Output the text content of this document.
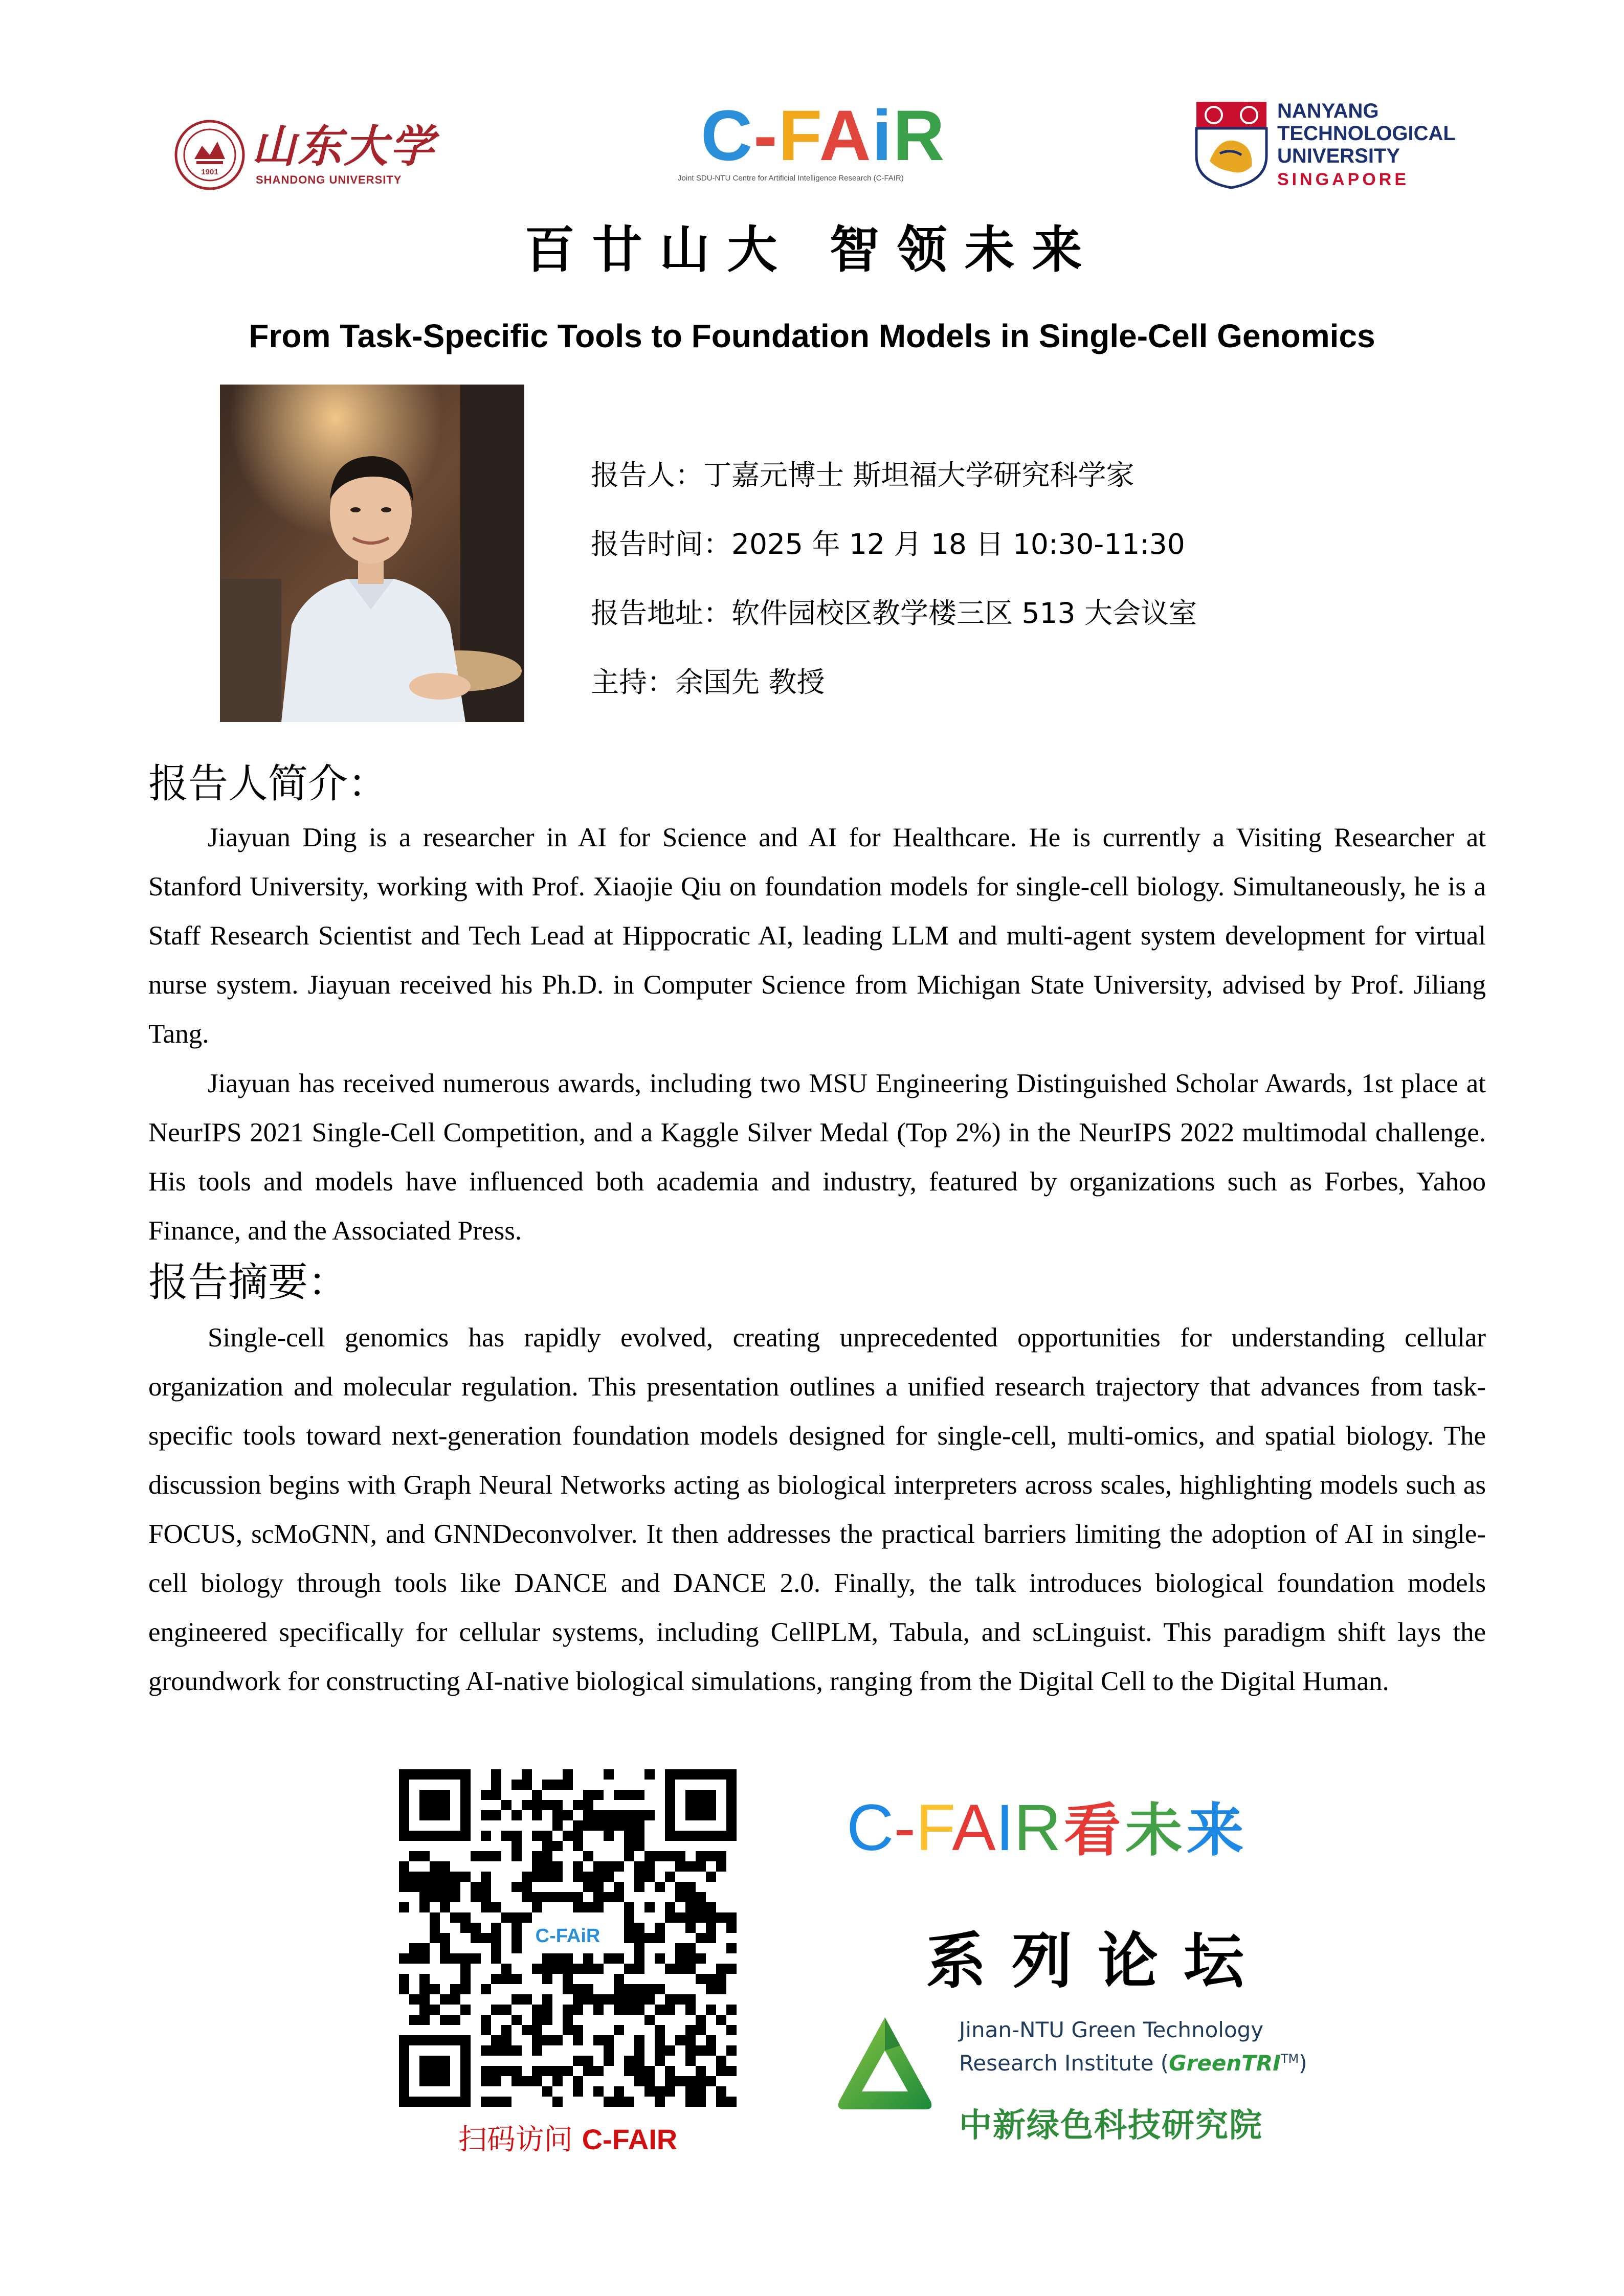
1901 山东大学
SHANDONG UNIVERSITY
C-FAiR
Joint SDU-NTU Centre for Artificial Intelligence Research (C-FAIR)
NANYANG
TECHNOLOGICAL
UNIVERSITY
SINGAPORE
百廿山大 智领未来
From Task-Specific Tools to Foundation Models in Single-Cell Genomics
报告人：丁嘉元博士 斯坦福大学研究科学家
报告时间：2025 年 12 月 18 日 10:30-11:30
报告地址：软件园校区教学楼三区 513 大会议室
主持：余国先 教授
报告人简介：

Jiayuan Ding is a researcher in AI for Science and AI for Healthcare. He is currently a Visiting Researcher at Stanford University, working with Prof. Xiaojie Qiu on foundation models for single-cell biology. Simultaneously, he is a Staff Research Scientist and Tech Lead at Hippocratic AI, leading LLM and multi-agent system development for virtual nurse system. Jiayuan received his Ph.D. in Computer Science from Michigan State University, advised by Prof. Jiliang Tang.

Jiayuan has received numerous awards, including two MSU Engineering Distinguished Scholar Awards, 1st place at NeurIPS 2021 Single-Cell Competition, and a Kaggle Silver Medal (Top 2%) in the NeurIPS 2022 multimodal challenge. His tools and models have influenced both academia and industry, featured by organizations such as Forbes, Yahoo Finance, and the Associated Press.

报告摘要：

Single-cell genomics has rapidly evolved, creating unprecedented opportunities for understanding cellular organization and molecular regulation. This presentation outlines a unified research trajectory that advances from task-specific tools toward next-generation foundation models designed for single-cell, multi-omics, and spatial biology. The discussion begins with Graph Neural Networks acting as biological interpreters across scales, highlighting models such as FOCUS, scMoGNN, and GNNDeconvolver. It then addresses the practical barriers limiting the adoption of AI in single-cell biology through tools like DANCE and DANCE 2.0. Finally, the talk introduces biological foundation models engineered specifically for cellular systems, including CellPLM, Tabula, and scLinguist. This paradigm shift lays the groundwork for constructing AI-native biological simulations, ranging from the Digital Cell to the Digital Human.

C-FAiR
扫码访问 C-FAIR
C-FAIR 看未来
系列论坛
Jinan-NTU Green Technology
Research Institute (GreenTRI™)
中新绿色科技研究院
